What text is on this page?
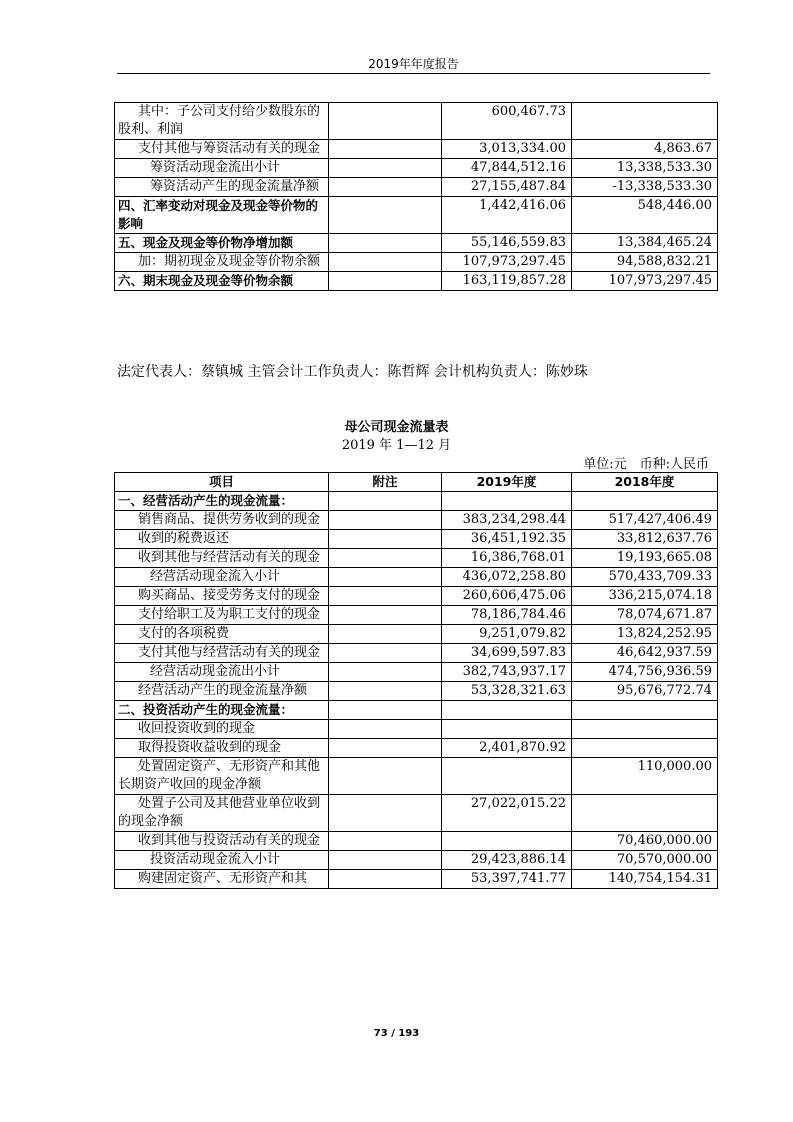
2019年年度报告
其中：子公司支付给少数股东的股利、利润		600,467.73	
支付其他与筹资活动有关的现金		3,013,334.00	4,863.67
筹资活动现金流出小计		47,844,512.16	13,338,533.30
筹资活动产生的现金流量净额		27,155,487.84	-13,338,533.30
四、汇率变动对现金及现金等价物的影响		1,442,416.06	548,446.00
五、现金及现金等价物净增加额		55,146,559.83	13,384,465.24
加：期初现金及现金等价物余额		107,973,297.45	94,588,832.21
六、期末现金及现金等价物余额		163,119,857.28	107,973,297.45
法定代表人：蔡镇城 主管会计工作负责人：陈哲辉 会计机构负责人：陈妙珠
母公司现金流量表
2019 年 1—12 月
单位:元　币种:人民币
项目	附注	2019年度	2018年度
一、经营活动产生的现金流量：			
销售商品、提供劳务收到的现金		383,234,298.44	517,427,406.49
收到的税费返还		36,451,192.35	33,812,637.76
收到其他与经营活动有关的现金		16,386,768.01	19,193,665.08
经营活动现金流入小计		436,072,258.80	570,433,709.33
购买商品、接受劳务支付的现金		260,606,475.06	336,215,074.18
支付给职工及为职工支付的现金		78,186,784.46	78,074,671.87
支付的各项税费		9,251,079.82	13,824,252.95
支付其他与经营活动有关的现金		34,699,597.83	46,642,937.59
经营活动现金流出小计		382,743,937.17	474,756,936.59
经营活动产生的现金流量净额		53,328,321.63	95,676,772.74
二、投资活动产生的现金流量：			
收回投资收到的现金			
取得投资收益收到的现金		2,401,870.92	
处置固定资产、无形资产和其他长期资产收回的现金净额			110,000.00
处置子公司及其他营业单位收到的现金净额		27,022,015.22	
收到其他与投资活动有关的现金			70,460,000.00
投资活动现金流入小计		29,423,886.14	70,570,000.00
购建固定资产、无形资产和其		53,397,741.77	140,754,154.31
73 / 193
